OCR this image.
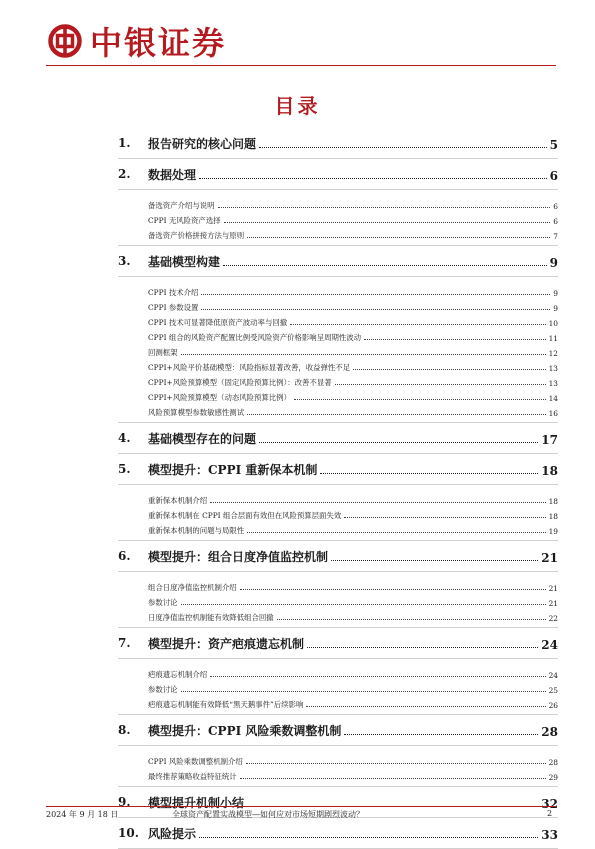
中银证券
目录
1.	报告研究的核心问题	5
2.	数据处理	6
备选资产介绍与说明	6
CPPI 无风险资产选择	6
备选资产价格拼接方法与原则	7
3.	基础模型构建	9
CPPI 技术介绍	9
CPPI 参数设置	9
CPPI 技术可显著降低原资产波动率与回撤	10
CPPI 组合的风险资产配置比例受风险资产价格影响呈周期性波动	11
回测框架	12
CPPI+风险平价基础模型：风险指标显著改善，收益弹性不足	13
CPPI+风险预算模型（固定风险预算比例）：改善不显著	13
CPPI+风险预算模型（动态风险预算比例）	14
风险预算模型参数敏感性测试	16
4.	基础模型存在的问题	17
5.	模型提升：CPPI 重新保本机制	18
重新保本机制介绍	18
重新保本机制在 CPPI 组合层面有效但在风险预算层面失效	18
重新保本机制的问题与局限性	19
6.	模型提升：组合日度净值监控机制	21
组合日度净值监控机制介绍	21
参数讨论	21
日度净值监控机制能有效降低组合回撤	22
7.	模型提升：资产疤痕遗忘机制	24
疤痕遗忘机制介绍	24
参数讨论	25
疤痕遗忘机制能有效降低“黑天鹅事件”后续影响	26
8.	模型提升：CPPI 风险乘数调整机制	28
CPPI 风险乘数调整机制介绍	28
最终推荐策略收益特征统计	29
9.	模型提升机制小结	32
10. 风险提示	33
2024 年 9 月 18 日	全球资产配置实战模型—如何应对市场短期剧烈波动？	2
